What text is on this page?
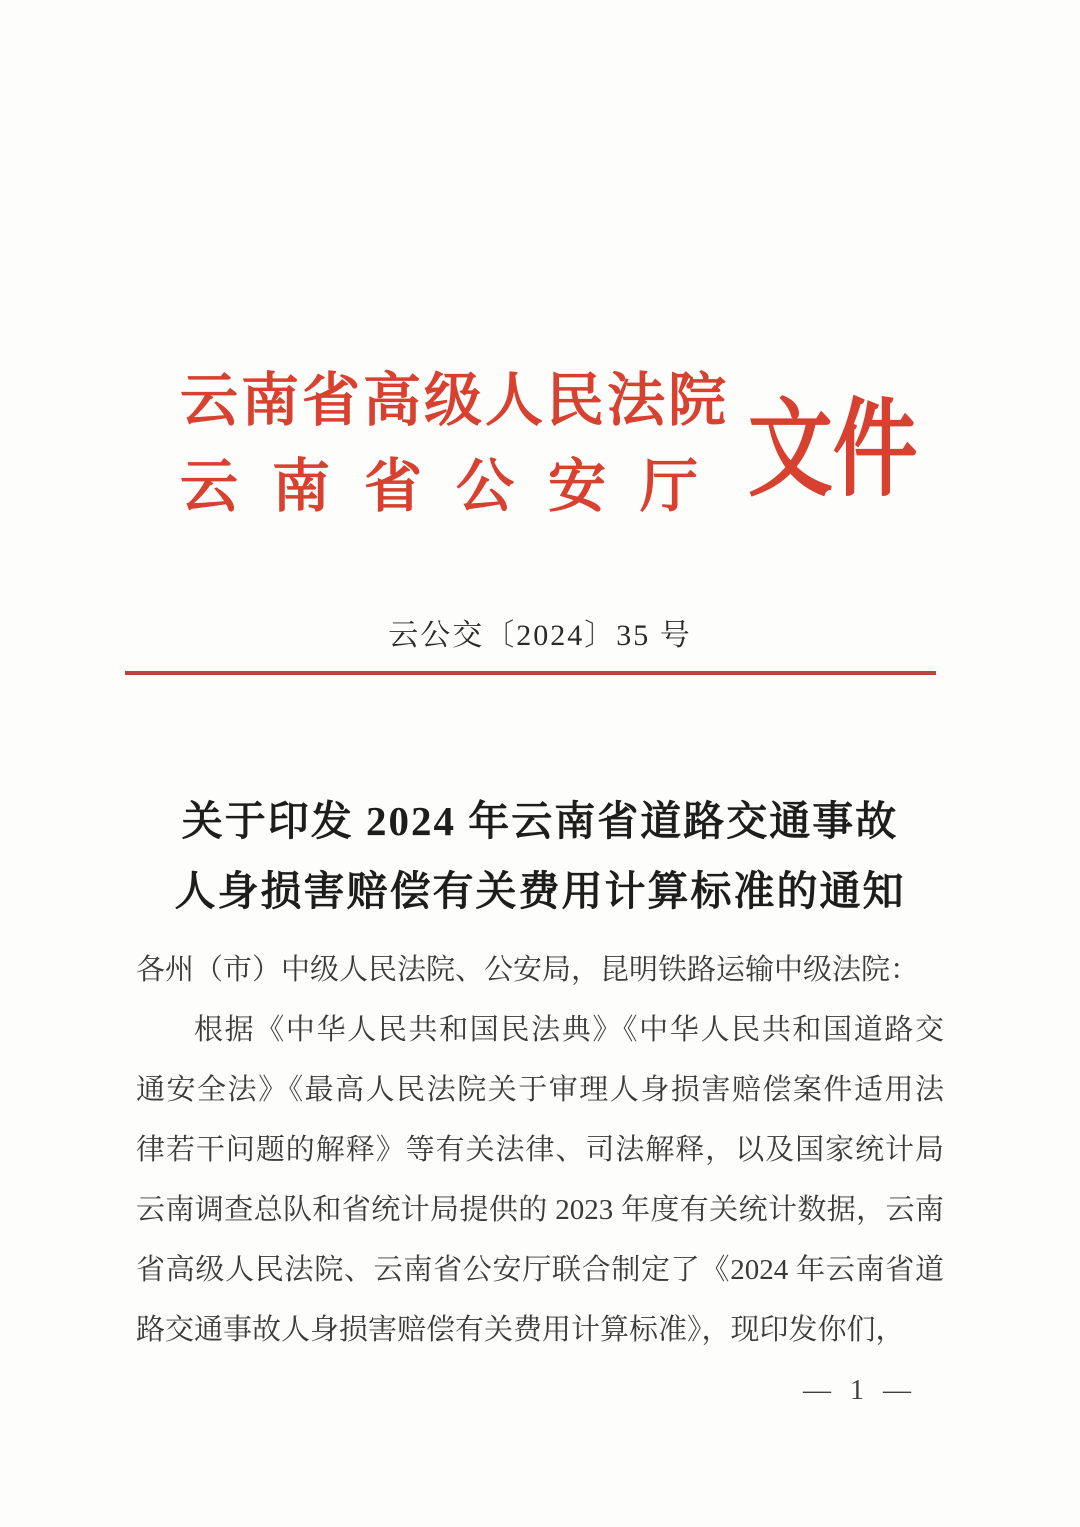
云南省高级人民法院
云南省公安厅 文件
云公交〔2024〕35 号
关于印发 2024 年云南省道路交通事故
人身损害赔偿有关费用计算标准的通知
各州（市）中级人民法院、公安局，昆明铁路运输中级法院：
根据《中华人民共和国民法典》《中华人民共和国道路交
通安全法》《最高人民法院关于审理人身损害赔偿案件适用法
律若干问题的解释》等有关法律、司法解释，以及国家统计局
云南调查总队和省统计局提供的 2023 年度有关统计数据，云南
省高级人民法院、云南省公安厅联合制定了《2024 年云南省道
路交通事故人身损害赔偿有关费用计算标准》，现印发你们，
— 1 —
